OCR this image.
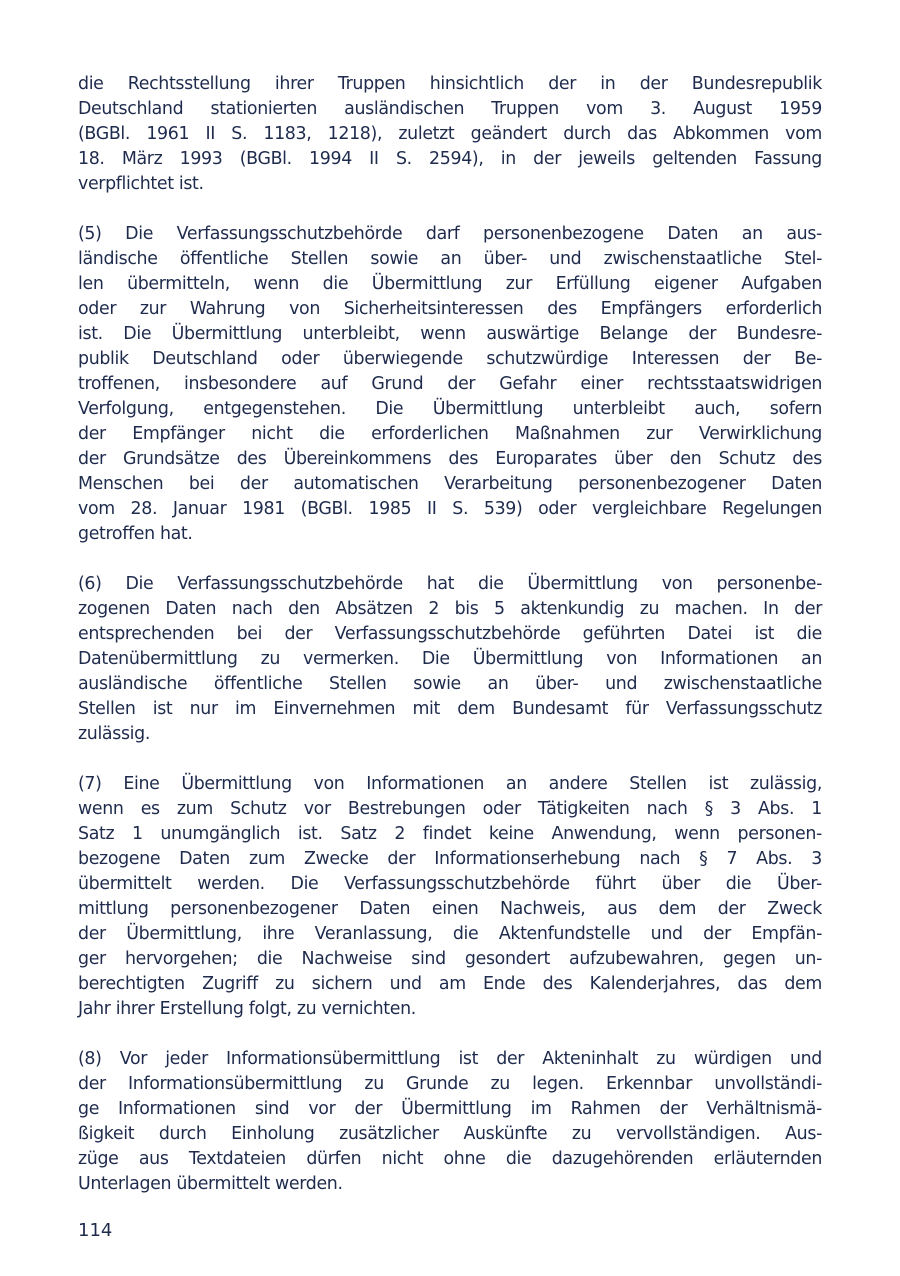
die Rechtsstellung ihrer Truppen hinsichtlich der in der Bundesrepublik
Deutschland stationierten ausländischen Truppen vom 3. August 1959
(BGBl. 1961 II S. 1183, 1218), zuletzt geändert durch das Abkommen vom
18. März 1993 (BGBl. 1994 II S. 2594), in der jeweils geltenden Fassung
verpflichtet ist.
(5) Die Verfassungsschutzbehörde darf personenbezogene Daten an aus-
ländische öffentliche Stellen sowie an über- und zwischenstaatliche Stel-
len übermitteln, wenn die Übermittlung zur Erfüllung eigener Aufgaben
oder zur Wahrung von Sicherheitsinteressen des Empfängers erforderlich
ist. Die Übermittlung unterbleibt, wenn auswärtige Belange der Bundesre-
publik Deutschland oder überwiegende schutzwürdige Interessen der Be-
troffenen, insbesondere auf Grund der Gefahr einer rechtsstaatswidrigen
Verfolgung, entgegenstehen. Die Übermittlung unterbleibt auch, sofern
der Empfänger nicht die erforderlichen Maßnahmen zur Verwirklichung
der Grundsätze des Übereinkommens des Europarates über den Schutz des
Menschen bei der automatischen Verarbeitung personenbezogener Daten
vom 28. Januar 1981 (BGBl. 1985 II S. 539) oder vergleichbare Regelungen
getroffen hat.
(6) Die Verfassungsschutzbehörde hat die Übermittlung von personenbe-
zogenen Daten nach den Absätzen 2 bis 5 aktenkundig zu machen. In der
entsprechenden bei der Verfassungsschutzbehörde geführten Datei ist die
Datenübermittlung zu vermerken. Die Übermittlung von Informationen an
ausländische öffentliche Stellen sowie an über- und zwischenstaatliche
Stellen ist nur im Einvernehmen mit dem Bundesamt für Verfassungsschutz
zulässig.
(7) Eine Übermittlung von Informationen an andere Stellen ist zulässig,
wenn es zum Schutz vor Bestrebungen oder Tätigkeiten nach § 3 Abs. 1
Satz 1 unumgänglich ist. Satz 2 findet keine Anwendung, wenn personen-
bezogene Daten zum Zwecke der Informationserhebung nach § 7 Abs. 3
übermittelt werden. Die Verfassungsschutzbehörde führt über die Über-
mittlung personenbezogener Daten einen Nachweis, aus dem der Zweck
der Übermittlung, ihre Veranlassung, die Aktenfundstelle und der Empfän-
ger hervorgehen; die Nachweise sind gesondert aufzubewahren, gegen un-
berechtigten Zugriff zu sichern und am Ende des Kalenderjahres, das dem
Jahr ihrer Erstellung folgt, zu vernichten.
(8) Vor jeder Informationsübermittlung ist der Akteninhalt zu würdigen und
der Informationsübermittlung zu Grunde zu legen. Erkennbar unvollständi-
ge Informationen sind vor der Übermittlung im Rahmen der Verhältnismä-
ßigkeit durch Einholung zusätzlicher Auskünfte zu vervollständigen. Aus-
züge aus Textdateien dürfen nicht ohne die dazugehörenden erläuternden
Unterlagen übermittelt werden.
114
